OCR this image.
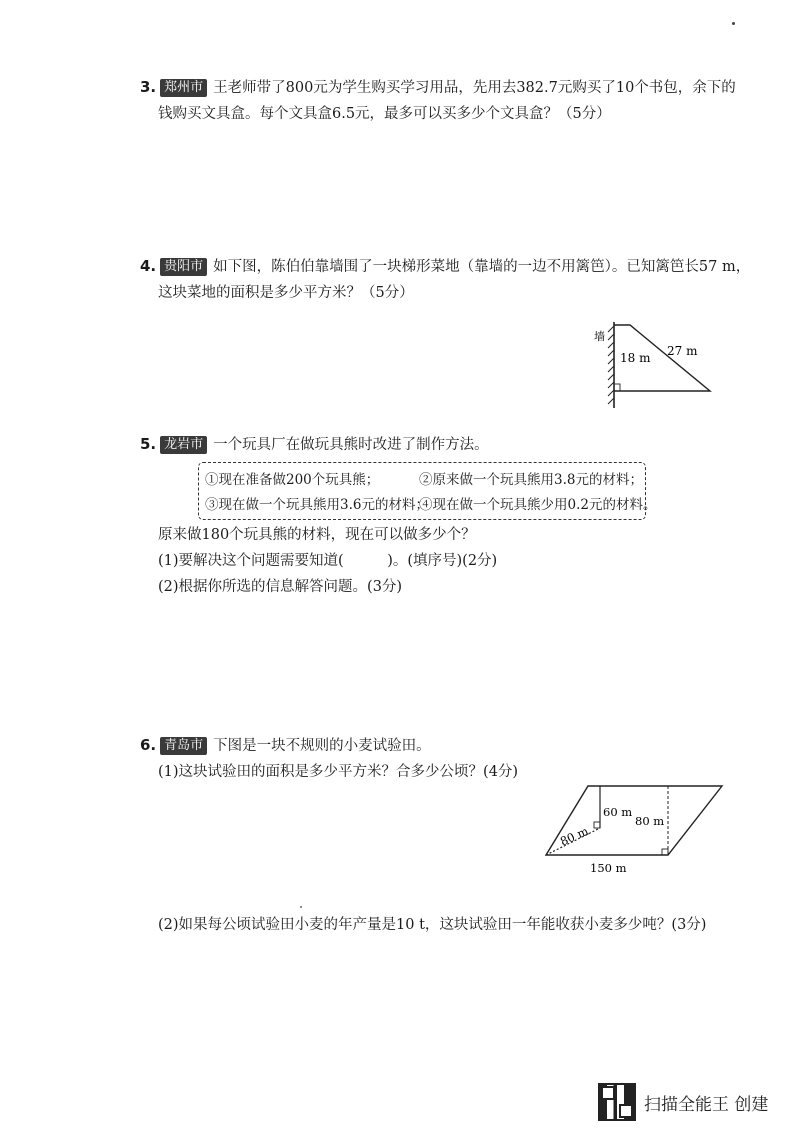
3. 郑州市 王老师带了800元为学生购买学习用品，先用去382.7元购买了10个书包，余下的
钱购买文具盒。每个文具盒6.5元，最多可以买多少个文具盒？（5分）
4. 贵阳市 如下图，陈伯伯靠墙围了一块梯形菜地（靠墙的一边不用篱笆）。已知篱笆长57 m，
这块菜地的面积是多少平方米？（5分）
墙
18 m 27 m
5. 龙岩市 一个玩具厂在做玩具熊时改进了制作方法。
①现在准备做200个玩具熊；	②原来做一个玩具熊用3.8元的材料；
③现在做一个玩具熊用3.6元的材料；
④现在做一个玩具熊少用0.2元的材料。
原来做180个玩具熊的材料，现在可以做多少个？
(1)要解决这个问题需要知道(　　　)。(填序号)(2分)
(2)根据你所选的信息解答问题。(3分)
6. 青岛市 下图是一块不规则的小麦试验田。
(1)这块试验田的面积是多少平方米？合多少公顷？(4分)
60 m
80 m
80 m
150 m
(2)如果每公顷试验田小麦的年产量是10 t，这块试验田一年能收获小麦多少吨？(3分)
扫描全能王 创建
